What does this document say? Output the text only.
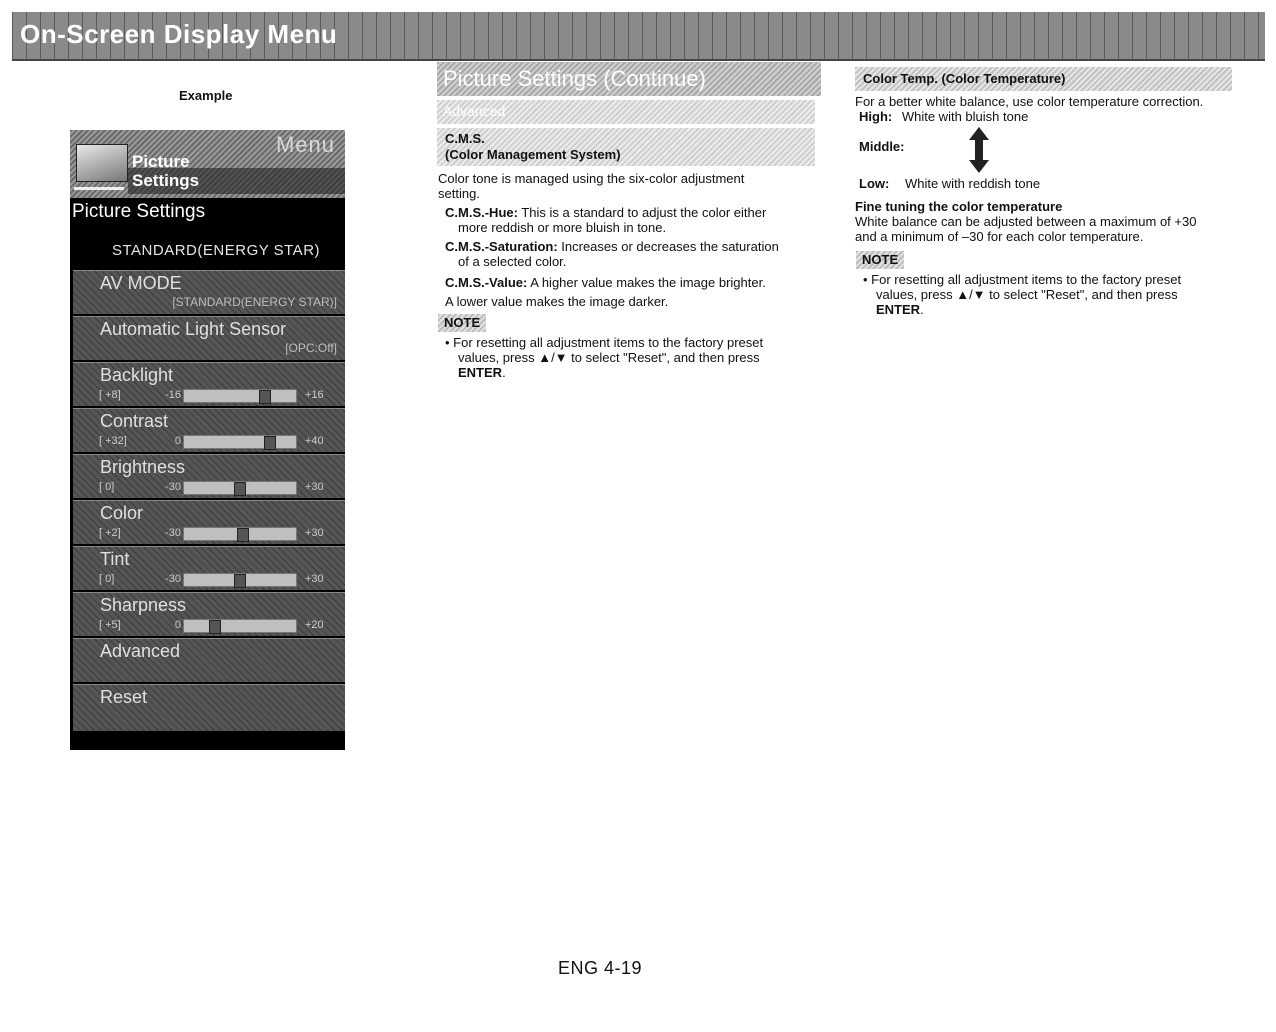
On-Screen Display Menu
Example
Picture
Settings
Menu
Picture Settings
STANDARD(ENERGY STAR)
AV MODE
[STANDARD(ENERGY STAR)]
Automatic Light Sensor
[OPC:Off]
Backlight
[ +8]	-16	+16
Contrast
[ +32]	0	+40
Brightness
[ 0]	-30	+30
Color
[ +2]	-30	+30
Tint
[ 0]	-30	+30
Sharpness
[ +5]	0	+20
Advanced
Reset
Picture Settings (Continue)
Advanced
C.M.S.
(Color Management System)
Color tone is managed using the six-color adjustment
setting.
C.M.S.-Hue: This is a standard to adjust the color either
more reddish or more bluish in tone.
C.M.S.-Saturation: Increases or decreases the saturation
of a selected color.
C.M.S.-Value: A higher value makes the image brighter.
A lower value makes the image darker.
NOTE
• For resetting all adjustment items to the factory preset
values, press ▲/▼ to select "Reset", and then press
ENTER.
Color Temp. (Color Temperature)
For a better white balance, use color temperature correction.
High: White with bluish tone
Middle:
Low: White with reddish tone
Fine tuning the color temperature
White balance can be adjusted between a maximum of +30
and a minimum of –30 for each color temperature.
NOTE
• For resetting all adjustment items to the factory preset
values, press ▲/▼ to select "Reset", and then press
ENTER.
ENG 4-19
